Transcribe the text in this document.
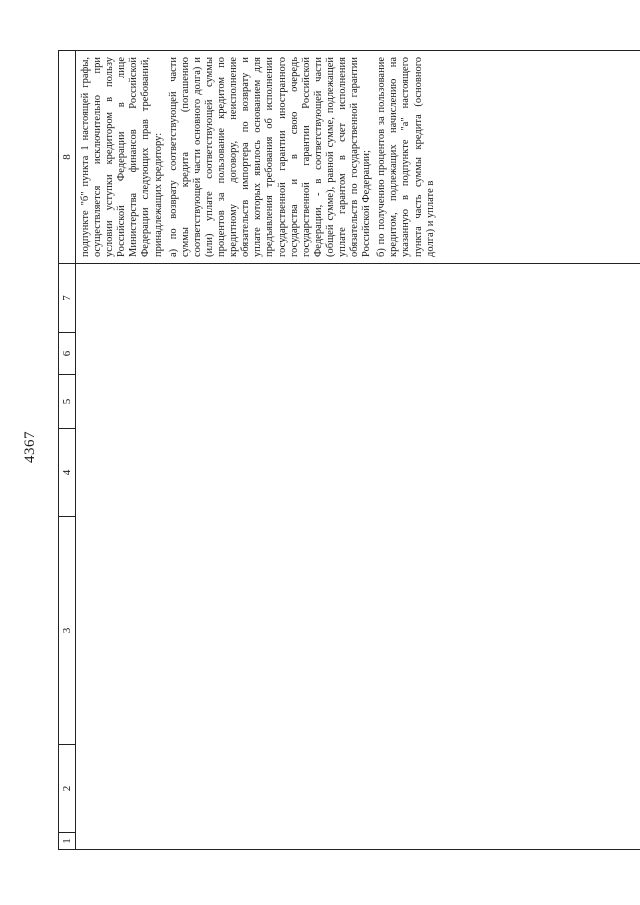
4367
1
2
3
4
5
6
7
8 подпункте "б" пункта 1 настоящей графы, осуществляется исключительно при условии уступки кредитором в пользу Российской Федерации в лице Министерства финансов Российской Федерации следующих прав требований, принадлежащих кредитору: а) по возврату соответствующей части суммы кредита (погашению соответствующей части основного долга) и (или) уплате соответствующей суммы процентов за пользование кредитом по кредитному договору, неисполнение обязательств импортера по возврату и уплате которых явилось основанием для предъявления требования об исполнении государственной гарантии иностранного государства и в свою очередь государственной гарантии Российской Федерации, - в соответствующей части (общей сумме), равной сумме, подлежащей уплате гарантом в счет исполнения обязательств по государственной гарантии Российской Федерации; б) по получению процентов за пользование кредитом, подлежащих начислению на указанную в подпункте "а" настоящего пункта часть суммы кредита (основного долга) и уплате в
